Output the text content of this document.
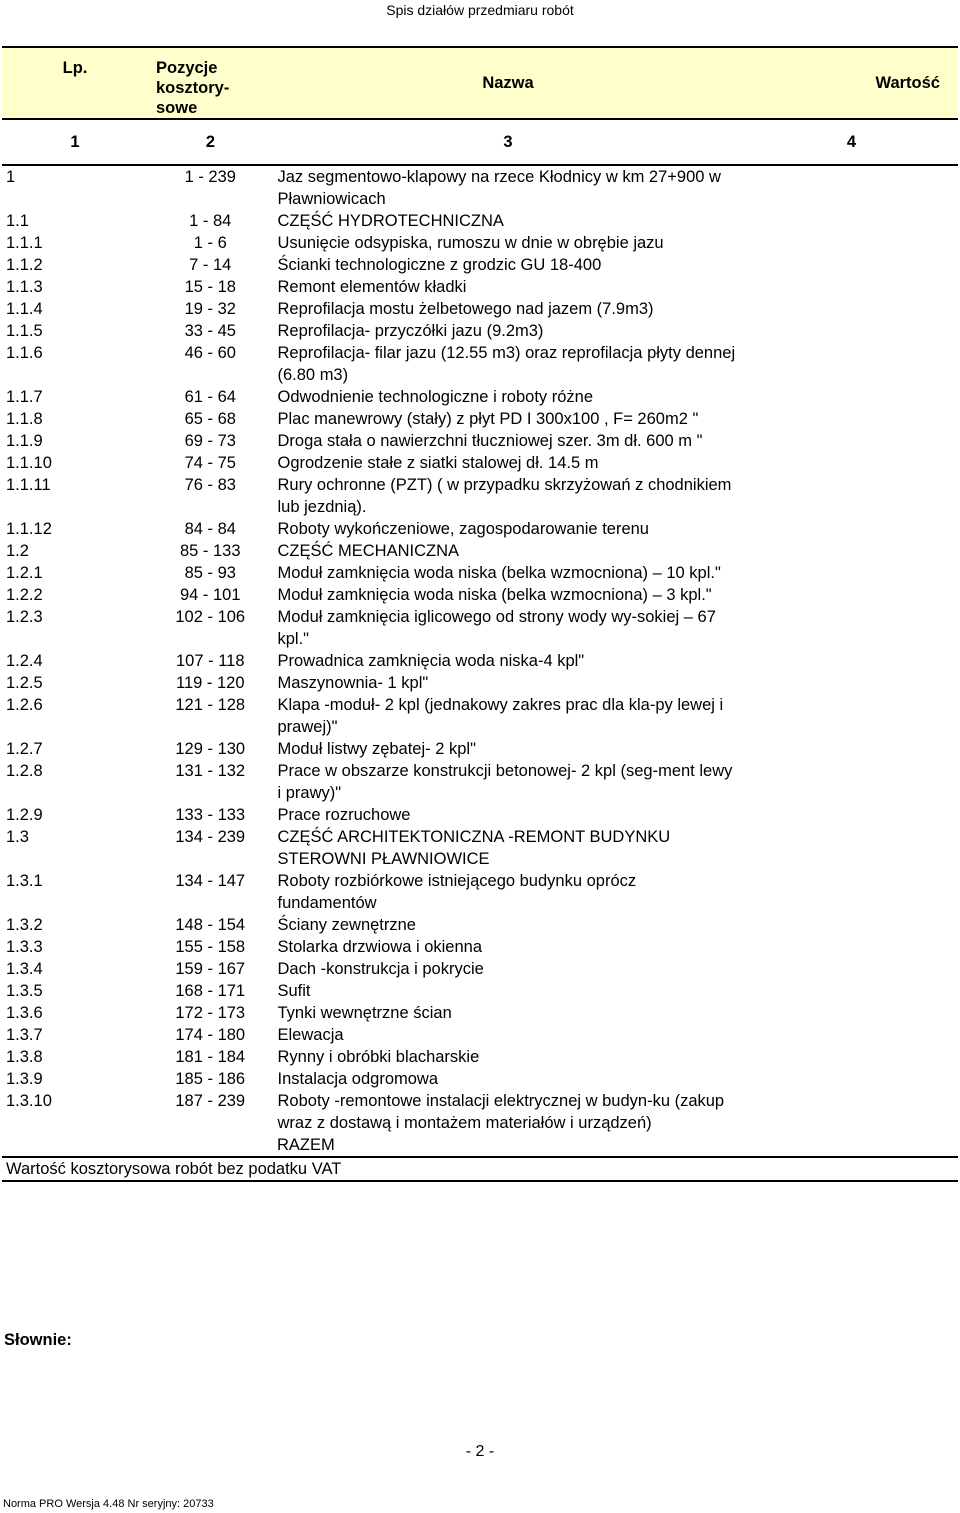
Spis działów przedmiaru robót
Lp.	Pozycje kosztory-sowe	Nazwa	Wartość
1	2	3	4
1	1 - 239	Jaz segmentowo-klapowy na rzece Kłodnicy w km 27+900 w Pławniowicach	
1.1	1 - 84	CZĘŚĆ HYDROTECHNICZNA	
1.1.1	1 - 6	Usunięcie odsypiska, rumoszu w dnie w obrębie jazu	
1.1.2	7 - 14	Ścianki technologiczne z grodzic GU 18-400	
1.1.3	15 - 18	Remont elementów kładki	
1.1.4	19 - 32	Reprofilacja mostu żelbetowego nad jazem (7.9m3)	
1.1.5	33 - 45	Reprofilacja- przyczółki jazu (9.2m3)	
1.1.6	46 - 60	Reprofilacja- filar jazu (12.55 m3) oraz reprofilacja płyty dennej (6.80 m3)	
1.1.7	61 - 64	Odwodnienie technologiczne i roboty różne	
1.1.8	65 - 68	Plac manewrowy (stały) z płyt PD I 300x100 , F= 260m2 "	
1.1.9	69 - 73	Droga stała o nawierzchni tłuczniowej szer. 3m dł. 600 m "	
1.1.10	74 - 75	Ogrodzenie stałe z siatki stalowej dł. 14.5 m	
1.1.11	76 - 83	Rury ochronne (PZT) ( w przypadku skrzyżowań z chodnikiem lub jezdnią).	
1.1.12	84 - 84	Roboty wykończeniowe, zagospodarowanie terenu	
1.2	85 - 133	CZĘŚĆ MECHANICZNA	
1.2.1	85 - 93	Moduł zamknięcia woda niska (belka wzmocniona) – 10 kpl."	
1.2.2	94 - 101	Moduł zamknięcia woda niska (belka wzmocniona) – 3 kpl."	
1.2.3	102 - 106	Moduł zamknięcia iglicowego od strony wody wy-sokiej – 67 kpl."	
1.2.4	107 - 118	Prowadnica zamknięcia woda niska-4 kpl"	
1.2.5	119 - 120	Maszynownia- 1 kpl"	
1.2.6	121 - 128	Klapa -moduł- 2 kpl (jednakowy zakres prac dla kla-py lewej i prawej)"	
1.2.7	129 - 130	Moduł listwy zębatej- 2 kpl"	
1.2.8	131 - 132	Prace w obszarze konstrukcji betonowej- 2 kpl (seg-ment lewy i prawy)"	
1.2.9	133 - 133	Prace rozruchowe	
1.3	134 - 239	CZĘŚĆ ARCHITEKTONICZNA -REMONT BUDYNKU STEROWNI PŁAWNIOWICE	
1.3.1	134 - 147	Roboty rozbiórkowe istniejącego budynku oprócz fundamentów	
1.3.2	148 - 154	Ściany zewnętrzne	
1.3.3	155 - 158	Stolarka drzwiowa i okienna	
1.3.4	159 - 167	Dach -konstrukcja i pokrycie	
1.3.5	168 - 171	Sufit	
1.3.6	172 - 173	Tynki wewnętrzne ścian	
1.3.7	174 - 180	Elewacja	
1.3.8	181 - 184	Rynny i obróbki blacharskie	
1.3.9	185 - 186	Instalacja odgromowa	
1.3.10	187 - 239	Roboty -remontowe instalacji elektrycznej w budyn-ku (zakup wraz z dostawą i montażem materiałów i urządzeń)	
		RAZEM	
Wartość kosztorysowa robót bez podatku VAT			
Słownie:
- 2 -
Norma PRO Wersja 4.48 Nr seryjny: 20733
